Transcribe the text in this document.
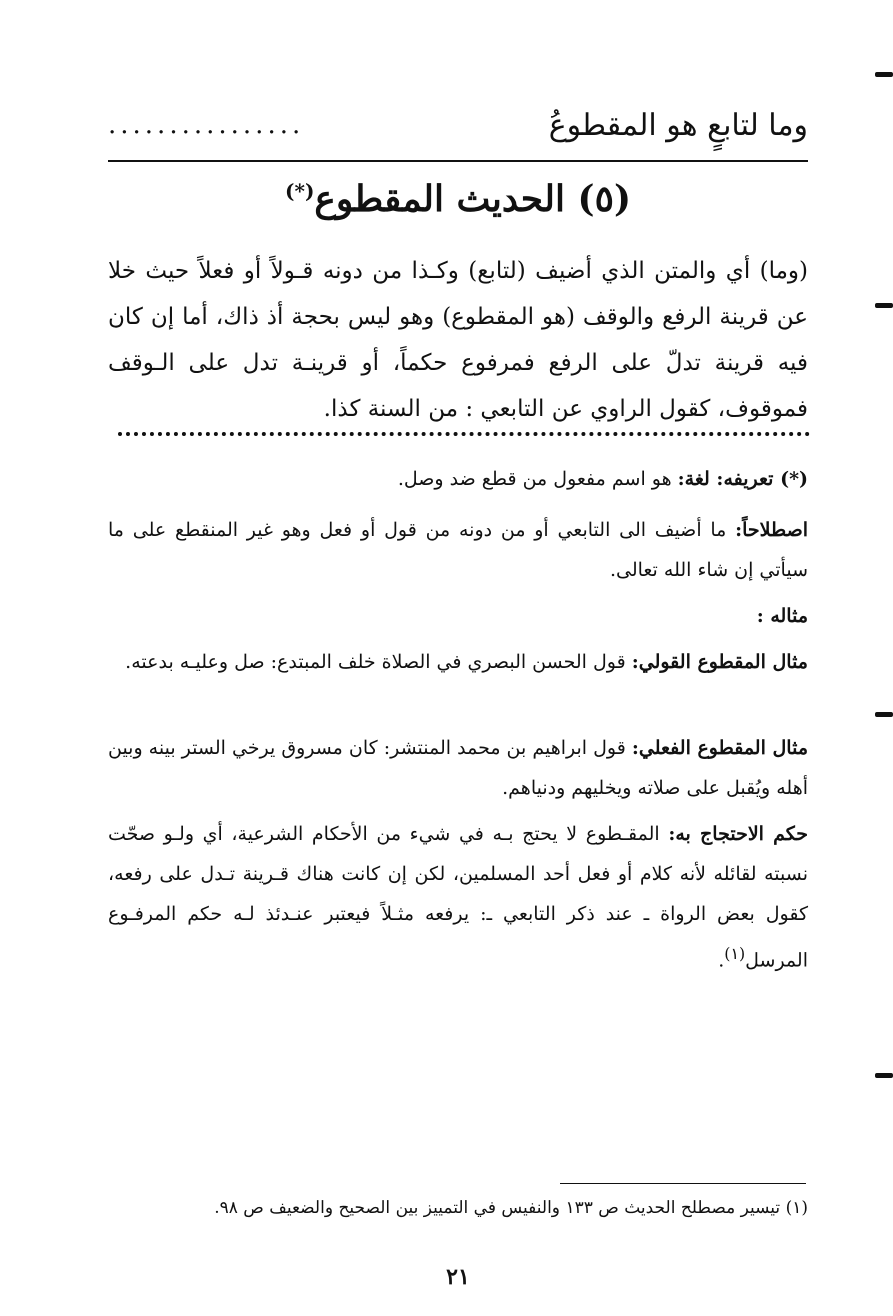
وما لتابعٍ هو المقطوعُ
................
(٥) الحديث المقطوع(*)

(وما) أي والمتن الذي أضيف (لتابع) وكـذا من دونه قـولاً أو فعلاً حيث خلا عن قرينة الرفع والوقف (هو المقطوع) وهو ليس بحجة أذ ذاك، أما إن كان فيه قرينة تدلّ على الرفع فمرفوع حكماً، أو قرينـة تدل على الـوقف فموقوف، كقول الراوي عن التابعي : من السنة كذا.

(*) تعريفه: لغة: هو اسم مفعول من قطع ضد وصل.

اصطلاحاً: ما أضيف الى التابعي أو من دونه من قول أو فعل وهو غير المنقطع على ما سيأتي إن شاء الله تعالى.

مثاله :

مثال المقطوع القولي: قول الحسن البصري في الصلاة خلف المبتدع: صل وعليـه بدعته.

مثال المقطوع الفعلي: قول ابراهيم بن محمد المنتشر: كان مسروق يرخي الستر بينه وبين أهله ويُقبل على صلاته ويخليهم ودنياهم.

حكم الاحتجاج به: المقـطوع لا يحتج بـه في شيء من الأحكام الشرعية، أي ولـو صحّت نسبته لقائله لأنه كلام أو فعل أحد المسلمين، لكن إن كانت هناك قـرينة تـدل على رفعه، كقول بعض الرواة ـ عند ذكر التابعي ـ: يرفعه مثـلاً فيعتبر عنـدئذ لـه حكم المرفـوع المرسل$^{(١)}$.

(١) تيسير مصطلح الحديث ص ١٣٣ والنفيس في التمييز بين الصحيح والضعيف ص ٩٨.

٢١
